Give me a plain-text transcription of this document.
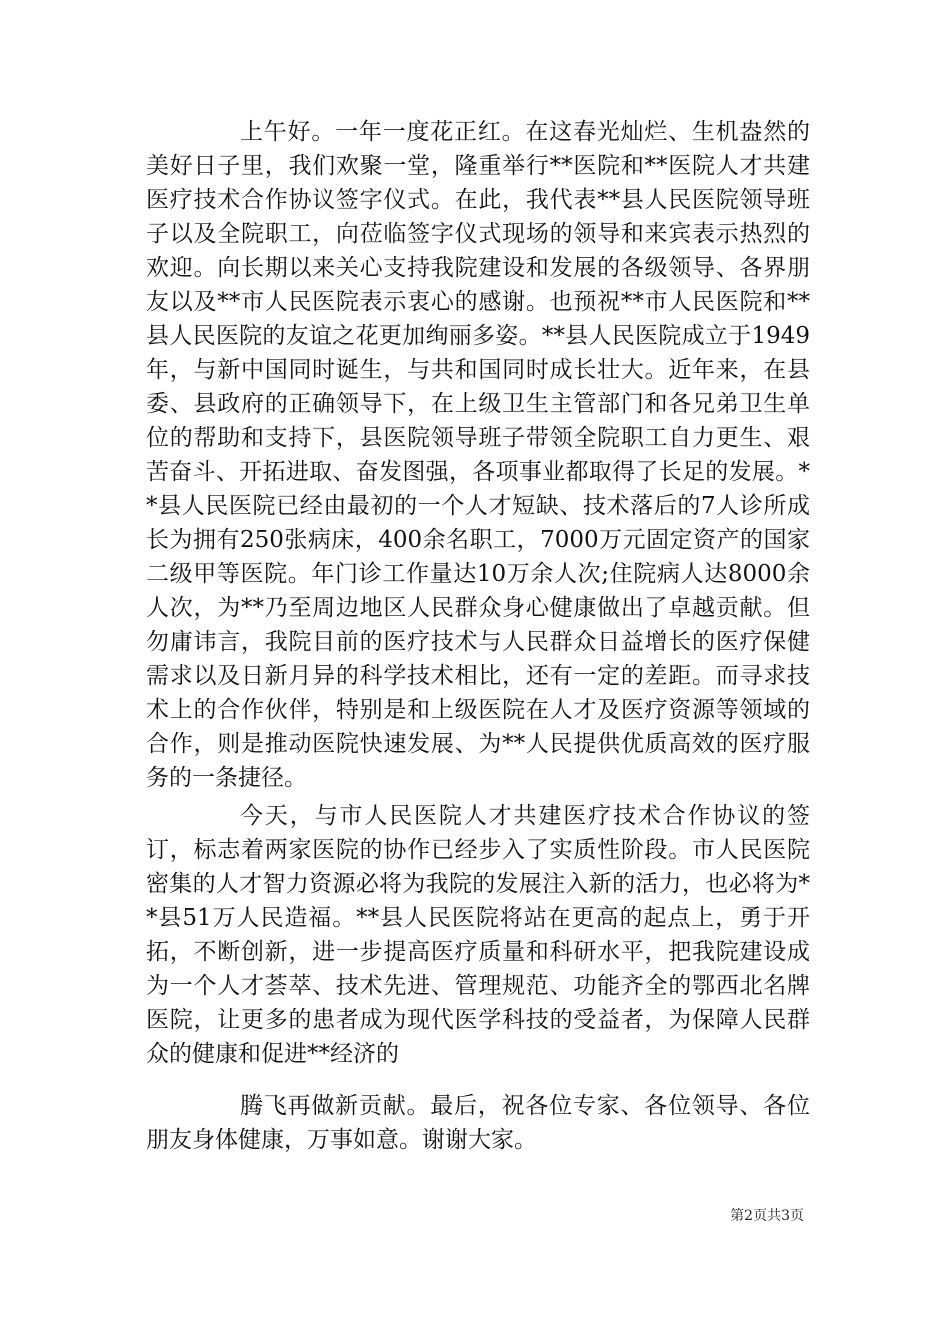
上午好。一年一度花正红。在这春光灿烂、生机盎然的美好日子里，我们欢聚一堂，隆重举行**医院和**医院人才共建医疗技术合作协议签字仪式。在此，我代表**县人民医院领导班子以及全院职工，向莅临签字仪式现场的领导和来宾表示热烈的欢迎。向长期以来关心支持我院建设和发展的各级领导、各界朋友以及**市人民医院表示衷心的感谢。也预祝**市人民医院和**县人民医院的友谊之花更加绚丽多姿。**县人民医院成立于1949年，与新中国同时诞生，与共和国同时成长壮大。近年来，在县委、县政府的正确领导下，在上级卫生主管部门和各兄弟卫生单位的帮助和支持下，县医院领导班子带领全院职工自力更生、艰苦奋斗、开拓进取、奋发图强，各项事业都取得了长足的发展。**县人民医院已经由最初的一个人才短缺、技术落后的7人诊所成长为拥有250张病床，400余名职工，7000万元固定资产的国家二级甲等医院。年门诊工作量达10万余人次;住院病人达8000余人次，为**乃至周边地区人民群众身心健康做出了卓越贡献。但勿庸讳言，我院目前的医疗技术与人民群众日益增长的医疗保健需求以及日新月异的科学技术相比，还有一定的差距。而寻求技术上的合作伙伴，特别是和上级医院在人才及医疗资源等领域的合作，则是推动医院快速发展、为**人民提供优质高效的医疗服务的一条捷径。

今天，与市人民医院人才共建医疗技术合作协议的签订，标志着两家医院的协作已经步入了实质性阶段。市人民医院密集的人才智力资源必将为我院的发展注入新的活力，也必将为**县51万人民造福。**县人民医院将站在更高的起点上，勇于开拓，不断创新，进一步提高医疗质量和科研水平，把我院建设成为一个人才荟萃、技术先进、管理规范、功能齐全的鄂西北名牌医院，让更多的患者成为现代医学科技的受益者，为保障人民群众的健康和促进**经济的

腾飞再做新贡献。最后，祝各位专家、各位领导、各位朋友身体健康，万事如意。谢谢大家。

第2页共3页
